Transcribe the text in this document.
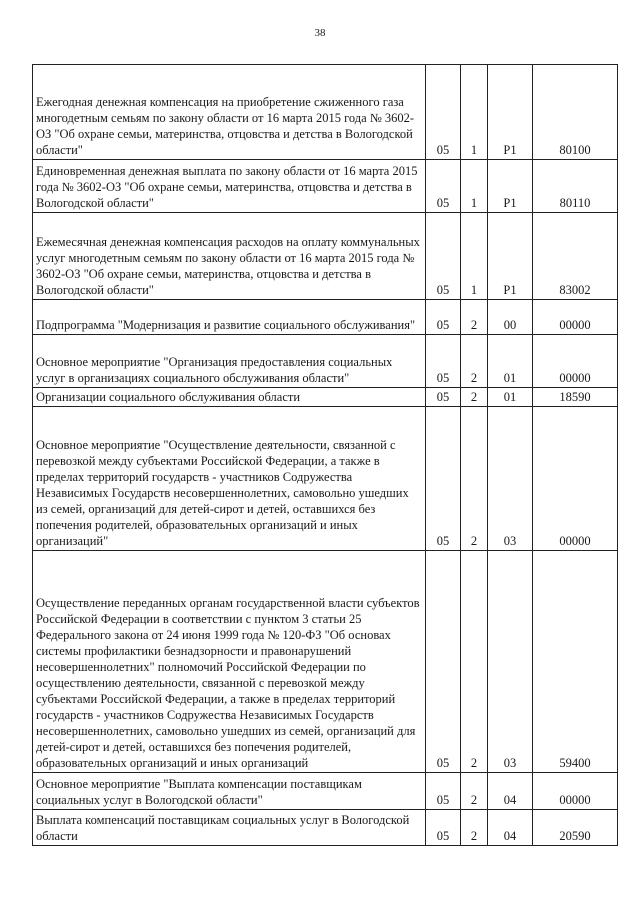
38
Ежегодная денежная компенсация на приобретение сжиженного газа многодетным семьям по закону области от 16 марта 2015 года № 3602-ОЗ "Об охране семьи, материнства, отцовства и детства в Вологодской области"	05	1	P1	80100
Единовременная денежная выплата по закону области от 16 марта 2015 года № 3602-ОЗ "Об охране семьи, материнства, отцовства и детства в Вологодской области"	05	1	P1	80110
Ежемесячная денежная компенсация расходов на оплату коммунальных услуг многодетным семьям по закону области от 16 марта 2015 года № 3602-ОЗ "Об охране семьи, материнства, отцовства и детства в Вологодской области"	05	1	P1	83002
Подпрограмма "Модернизация и развитие социального обслуживания"	05	2	00	00000
Основное мероприятие "Организация предоставления социальных услуг в организациях социального обслуживания области"	05	2	01	00000
Организации социального обслуживания области	05	2	01	18590
Основное мероприятие "Осуществление деятельности, связанной с перевозкой между субъектами Российской Федерации, а также в пределах территорий государств - участников Содружества Независимых Государств несовершеннолетних, самовольно ушедших из семей, организаций для детей-сирот и детей, оставшихся без попечения родителей, образовательных организаций и иных организаций"	05	2	03	00000
Осуществление переданных органам государственной власти субъектов Российской Федерации в соответствии с пунктом 3 статьи 25 Федерального закона от 24 июня 1999 года № 120-ФЗ "Об основах системы профилактики безнадзорности и правонарушений несовершеннолетних" полномочий Российской Федерации по осуществлению деятельности, связанной с перевозкой между субъектами Российской Федерации, а также в пределах территорий государств - участников Содружества Независимых Государств несовершеннолетних, самовольно ушедших из семей, организаций для детей-сирот и детей, оставшихся без попечения родителей, образовательных организаций и иных организаций	05	2	03	59400
Основное мероприятие "Выплата компенсации поставщикам социальных услуг в Вологодской области"	05	2	04	00000
Выплата компенсаций поставщикам социальных услуг в Вологодской области	05	2	04	20590
